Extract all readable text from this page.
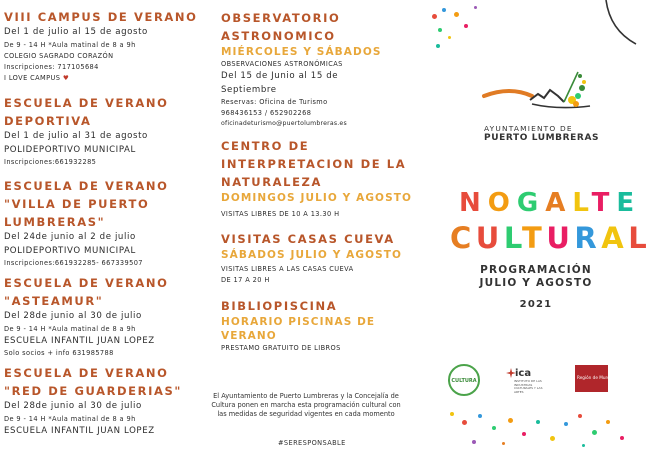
VIII CAMPUS DE VERANO
Del 1 de julio al 15 de agosto
De 9 - 14 H *Aula matinal de 8 a 9h
COLEGIO SAGRADO CORAZÓN
Inscripciones: 717105684
I LOVE CAMPUS ♥
ESCUELA DE VERANO
DEPORTIVA
Del 1 de julio al 31 de agosto
POLIDEPORTIVO MUNICIPAL
Inscripciones:661932285
ESCUELA DE VERANO
"VILLA DE PUERTO
LUMBRERAS"
Del 24de junio al 2 de julio
POLIDEPORTIVO MUNICIPAL
Inscripciones:661932285- 667339507
ESCUELA DE VERANO
"ASTEAMUR"
Del 28de junio al 30 de julio
De 9 - 14 H *Aula matinal de 8 a 9h
ESCUELA INFANTIL JUAN LOPEZ
Solo socios + info 631985788
ESCUELA DE VERANO
"RED DE GUARDERIAS"
Del 28de junio al 30 de julio
De 9 - 14 H *Aula matinal de 8 a 9h
ESCUELA INFANTIL JUAN LOPEZ
OBSERVATORIO
ASTRONOMICO
MIÉRCOLES Y SÁBADOS
OBSERVACIONES ASTRONÓMICAS
Del 15 de Junio al 15 de
Septiembre
Reservas: Oficina de Turismo
968436153 / 652902268
oficinadeturismo@puertolumbreras.es
CENTRO DE
INTERPRETACION DE LA
NATURALEZA
DOMINGOS JULIO Y AGOSTO
VISITAS LIBRES DE 10 A 13.30 H
VISITAS CASAS CUEVA
SÁBADOS JULIO Y AGOSTO
VISITAS LIBRES A LAS CASAS CUEVA
DE 17 A 20 H
BIBLIOPISCINA
HORARIO PISCINAS DE
VERANO
PRESTAMO GRATUITO DE LIBROS
El Ayuntamiento de Puerto Lumbreras y la Concejalía de Cultura ponen en marcha esta programación cultural con las medidas de seguridad vigentes en cada momento
#SERESPONSABLE
AYUNTAMIENTO DE
PUERTO LUMBRERAS
NOGALTE
CULTURAL
PROGRAMACIÓN
JULIO Y AGOSTO
2021
CULTURA
ica
INSTITUTO DE LAS INDUSTRIAS CULTURALES Y LAS ARTES
Región de Murcia
